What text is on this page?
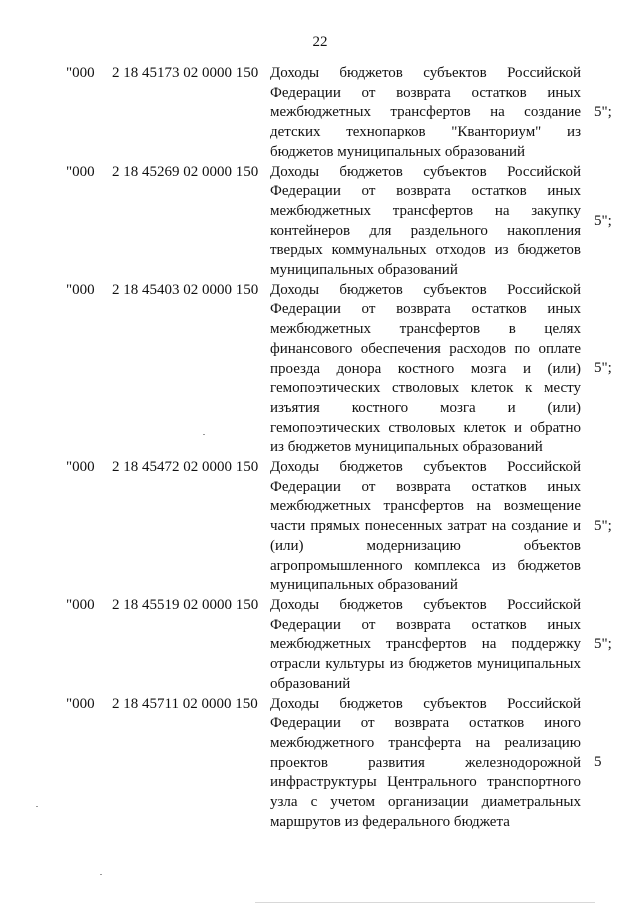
22
"000 2 18 45173 02 0000 150 Доходы бюджетов субъектов Российской Федерации от возврата остатков иных межбюджетных трансфертов на создание детских технопарков "Кванториум" из бюджетов муниципальных образований
5";
"000 2 18 45269 02 0000 150 Доходы бюджетов субъектов Российской Федерации от возврата остатков иных межбюджетных трансфертов на закупку контейнеров для раздельного накопления твердых коммунальных отходов из бюджетов муниципальных образований
5";
"000 2 18 45403 02 0000 150 Доходы бюджетов субъектов Российской Федерации от возврата остатков иных межбюджетных трансфертов в целях финансового обеспечения расходов по оплате проезда донора костного мозга и (или) гемопоэтических стволовых клеток к месту изъятия костного мозга и (или) гемопоэтических стволовых клеток и обратно из бюджетов муниципальных образований
5";
"000 2 18 45472 02 0000 150 Доходы бюджетов субъектов Российской Федерации от возврата остатков иных межбюджетных трансфертов на возмещение части прямых понесенных затрат на создание и (или) модернизацию объектов агропромышленного комплекса из бюджетов муниципальных образований
5";
"000 2 18 45519 02 0000 150 Доходы бюджетов субъектов Российской Федерации от возврата остатков иных межбюджетных трансфертов на поддержку отрасли культуры из бюджетов муниципальных образований
5";
"000 2 18 45711 02 0000 150 Доходы бюджетов субъектов Российской Федерации от возврата остатков иного межбюджетного трансферта на реализацию проектов развития железнодорожной инфраструктуры Центрального транспортного узла с учетом организации диаметральных маршрутов из федерального бюджета
5
